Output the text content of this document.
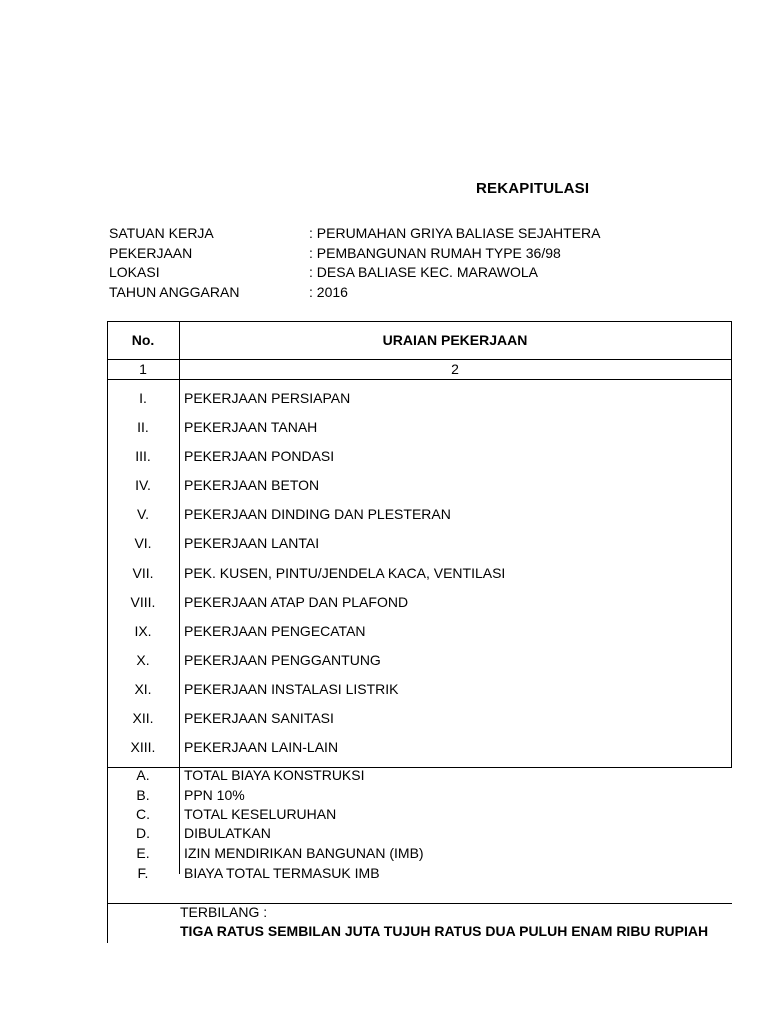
REKAPITULASI
SATUAN KERJA	: PERUMAHAN GRIYA BALIASE SEJAHTERA
PEKERJAAN	: PEMBANGUNAN RUMAH TYPE 36/98
LOKASI	: DESA BALIASE KEC. MARAWOLA
TAHUN ANGGARAN	: 2016
No.	URAIAN PEKERJAAN
1	2
I.	PEKERJAAN PERSIAPAN
II.	PEKERJAAN TANAH
III.	PEKERJAAN PONDASI
IV.	PEKERJAAN BETON
V.	PEKERJAAN DINDING DAN PLESTERAN
VI.	PEKERJAAN LANTAI
VII.	PEK. KUSEN, PINTU/JENDELA KACA, VENTILASI
VIII.	PEKERJAAN ATAP DAN PLAFOND
IX.	PEKERJAAN PENGECATAN
X.	PEKERJAAN PENGGANTUNG
XI.	PEKERJAAN INSTALASI LISTRIK
XII.	PEKERJAAN SANITASI
XIII.	PEKERJAAN LAIN-LAIN
A.	TOTAL BIAYA KONSTRUKSI
B.	PPN 10%
C.	TOTAL KESELURUHAN
D.	DIBULATKAN
E.	IZIN MENDIRIKAN BANGUNAN (IMB)
F.	BIAYA TOTAL TERMASUK IMB
TERBILANG :
TIGA RATUS SEMBILAN JUTA TUJUH RATUS DUA PULUH ENAM RIBU RUPIAH
